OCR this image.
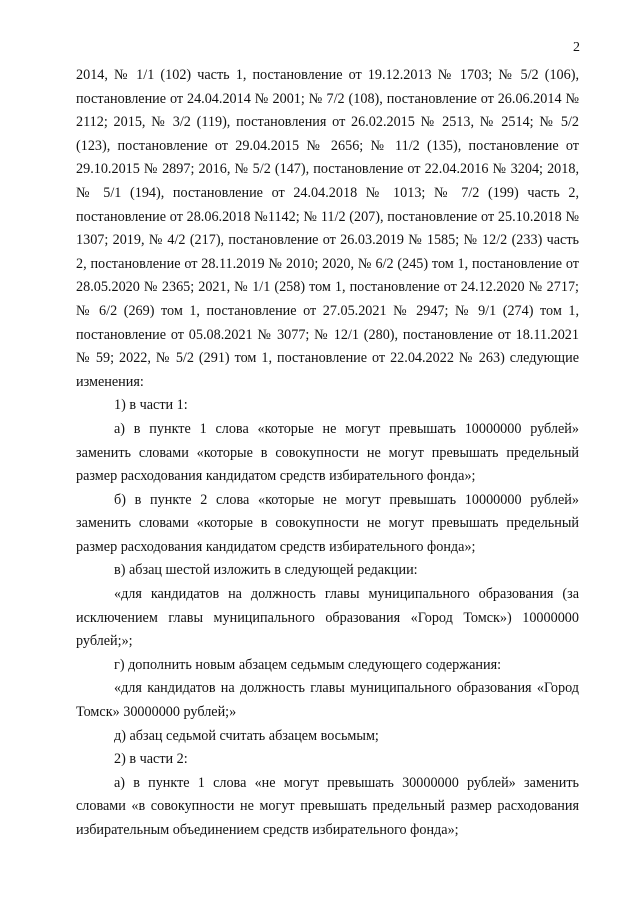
2

2014, № 1/1 (102) часть 1, постановление от 19.12.2013 № 1703; № 5/2 (106), постановление от 24.04.2014 № 2001; № 7/2 (108), постановление от 26.06.2014 № 2112; 2015, № 3/2 (119), постановления от 26.02.2015 № 2513, № 2514; № 5/2 (123), постановление от 29.04.2015 № 2656; № 11/2 (135), постановление от 29.10.2015 № 2897; 2016, № 5/2 (147), постановление от 22.04.2016 № 3204; 2018, № 5/1 (194), постановление от 24.04.2018 № 1013; № 7/2 (199) часть 2, постановление от 28.06.2018 №1142; № 11/2 (207), постановление от 25.10.2018 № 1307; 2019, № 4/2 (217), постановление от 26.03.2019 № 1585; № 12/2 (233) часть 2, постановление от 28.11.2019 № 2010; 2020, № 6/2 (245) том 1, постановление от 28.05.2020 № 2365; 2021, № 1/1 (258) том 1, постановление от 24.12.2020 № 2717; № 6/2 (269) том 1, постановление от 27.05.2021 № 2947; № 9/1 (274) том 1, постановление от 05.08.2021 № 3077; № 12/1 (280), постановление от 18.11.2021 № 59; 2022, № 5/2 (291) том 1, постановление от 22.04.2022 № 263) следующие изменения:

1) в части 1:

а) в пункте 1 слова «которые не могут превышать 10000000 рублей» заменить словами «которые в совокупности не могут превышать предельный размер расходования кандидатом средств избирательного фонда»;

б) в пункте 2 слова «которые не могут превышать 10000000 рублей» заменить словами «которые в совокупности не могут превышать предельный размер расходования кандидатом средств избирательного фонда»;

в) абзац шестой изложить в следующей редакции:

«для кандидатов на должность главы муниципального образования (за исключением главы муниципального образования «Город Томск») 10000000 рублей;»;

г) дополнить новым абзацем седьмым следующего содержания:

«для кандидатов на должность главы муниципального образования «Город Томск» 30000000 рублей;»

д) абзац седьмой считать абзацем восьмым;

2) в части 2:

а) в пункте 1 слова «не могут превышать 30000000 рублей» заменить словами «в совокупности не могут превышать предельный размер расходования избирательным объединением средств избирательного фонда»;
